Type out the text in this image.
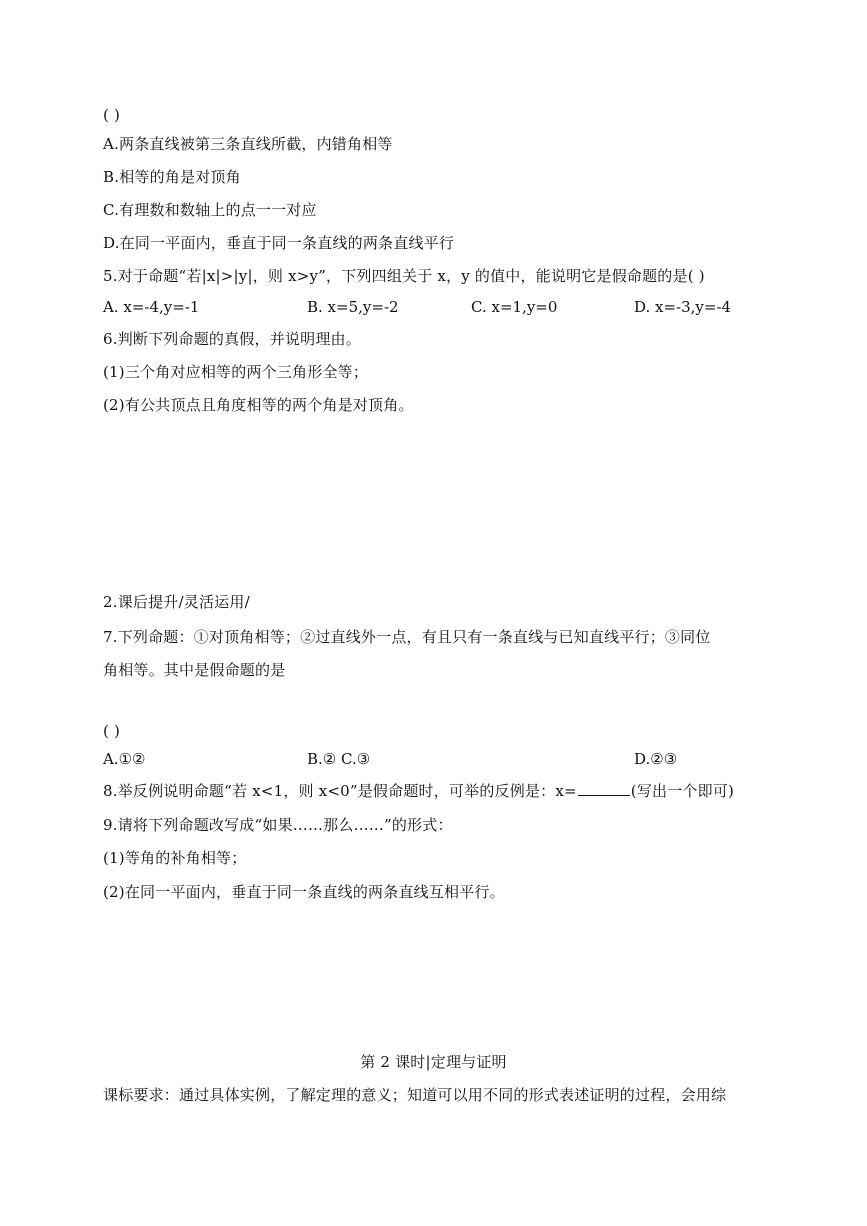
( )
A.两条直线被第三条直线所截，内错角相等
B.相等的角是对顶角
C.有理数和数轴上的点一一对应
D.在同一平面内，垂直于同一条直线的两条直线平行
5.对于命题“若|x|>|y|，则 x>y”，下列四组关于 x，y 的值中，能说明它是假命题的是( )
A. x=-4,y=-1	B. x=5,y=-2	C. x=1,y=0	D. x=-3,y=-4
6.判断下列命题的真假，并说明理由。
(1)三个角对应相等的两个三角形全等；
(2)有公共顶点且角度相等的两个角是对顶角。
2.课后提升/灵活运用/
7.下列命题：①对顶角相等；②过直线外一点，有且只有一条直线与已知直线平行；③同位
角相等。其中是假命题的是
( )
A.①②	B.② C.③	D.②③
8.举反例说明命题“若 x<1，则 x<0”是假命题时，可举的反例是：x=	(写出一个即可)
9.请将下列命题改写成“如果……那么……”的形式：
(1)等角的补角相等；
(2)在同一平面内，垂直于同一条直线的两条直线互相平行。
第 2 课时|定理与证明
课标要求：通过具体实例，了解定理的意义；知道可以用不同的形式表述证明的过程，会用综
